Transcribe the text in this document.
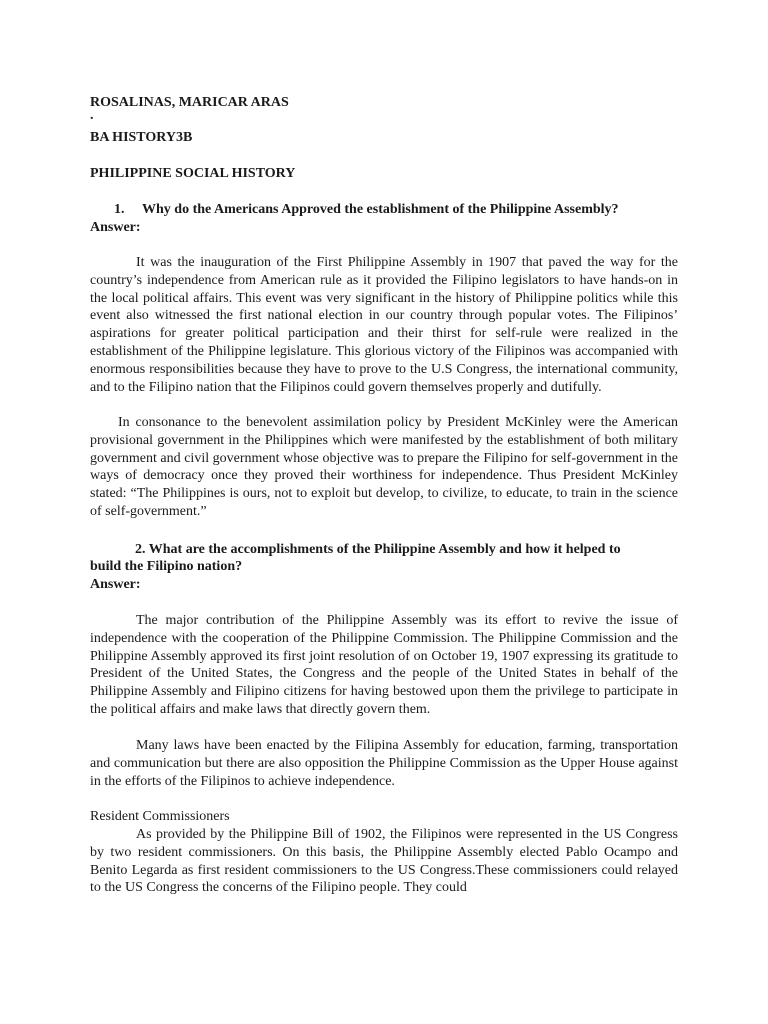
ROSALINAS, MARICAR ARAS

.

BA HISTORY3B

PHILIPPINE SOCIAL HISTORY

1. Why do the Americans Approved the establishment of the Philippine Assembly?

Answer:

It was the inauguration of the First Philippine Assembly in 1907 that paved the way for the country’s independence from American rule as it provided the Filipino legislators to have hands-on in the local political affairs. This event was very significant in the history of Philippine politics while this event also witnessed the first national election in our country through popular votes. The Filipinos’ aspirations for greater political participation and their thirst for self-rule were realized in the establishment of the Philippine legislature. This glorious victory of the Filipinos was accompanied with enormous responsibilities because they have to prove to the U.S Congress, the international community, and to the Filipino nation that the Filipinos could govern themselves properly and dutifully.

In consonance to the benevolent assimilation policy by President McKinley were the American provisional government in the Philippines which were manifested by the establishment of both military government and civil government whose objective was to prepare the Filipino for self-government in the ways of democracy once they proved their worthiness for independence. Thus President McKinley stated: “The Philippines is ours, not to exploit but develop, to civilize, to educate, to train in the science of self-government.”

2. What are the accomplishments of the Philippine Assembly and how it helped to

build the Filipino nation?

Answer:

The major contribution of the Philippine Assembly was its effort to revive the issue of independence with the cooperation of the Philippine Commission. The Philippine Commission and the Philippine Assembly approved its first joint resolution of on October 19, 1907 expressing its gratitude to President of the United States, the Congress and the people of the United States in behalf of the Philippine Assembly and Filipino citizens for having bestowed upon them the privilege to participate in the political affairs and make laws that directly govern them.

Many laws have been enacted by the Filipina Assembly for education, farming, transportation and communication but there are also opposition the Philippine Commission as the Upper House against in the efforts of the Filipinos to achieve independence.

Resident Commissioners

As provided by the Philippine Bill of 1902, the Filipinos were represented in the US Congress by two resident commissioners. On this basis, the Philippine Assembly elected Pablo Ocampo and Benito Legarda as first resident commissioners to the US Congress.These commissioners could relayed to the US Congress the concerns of the Filipino people. They could
